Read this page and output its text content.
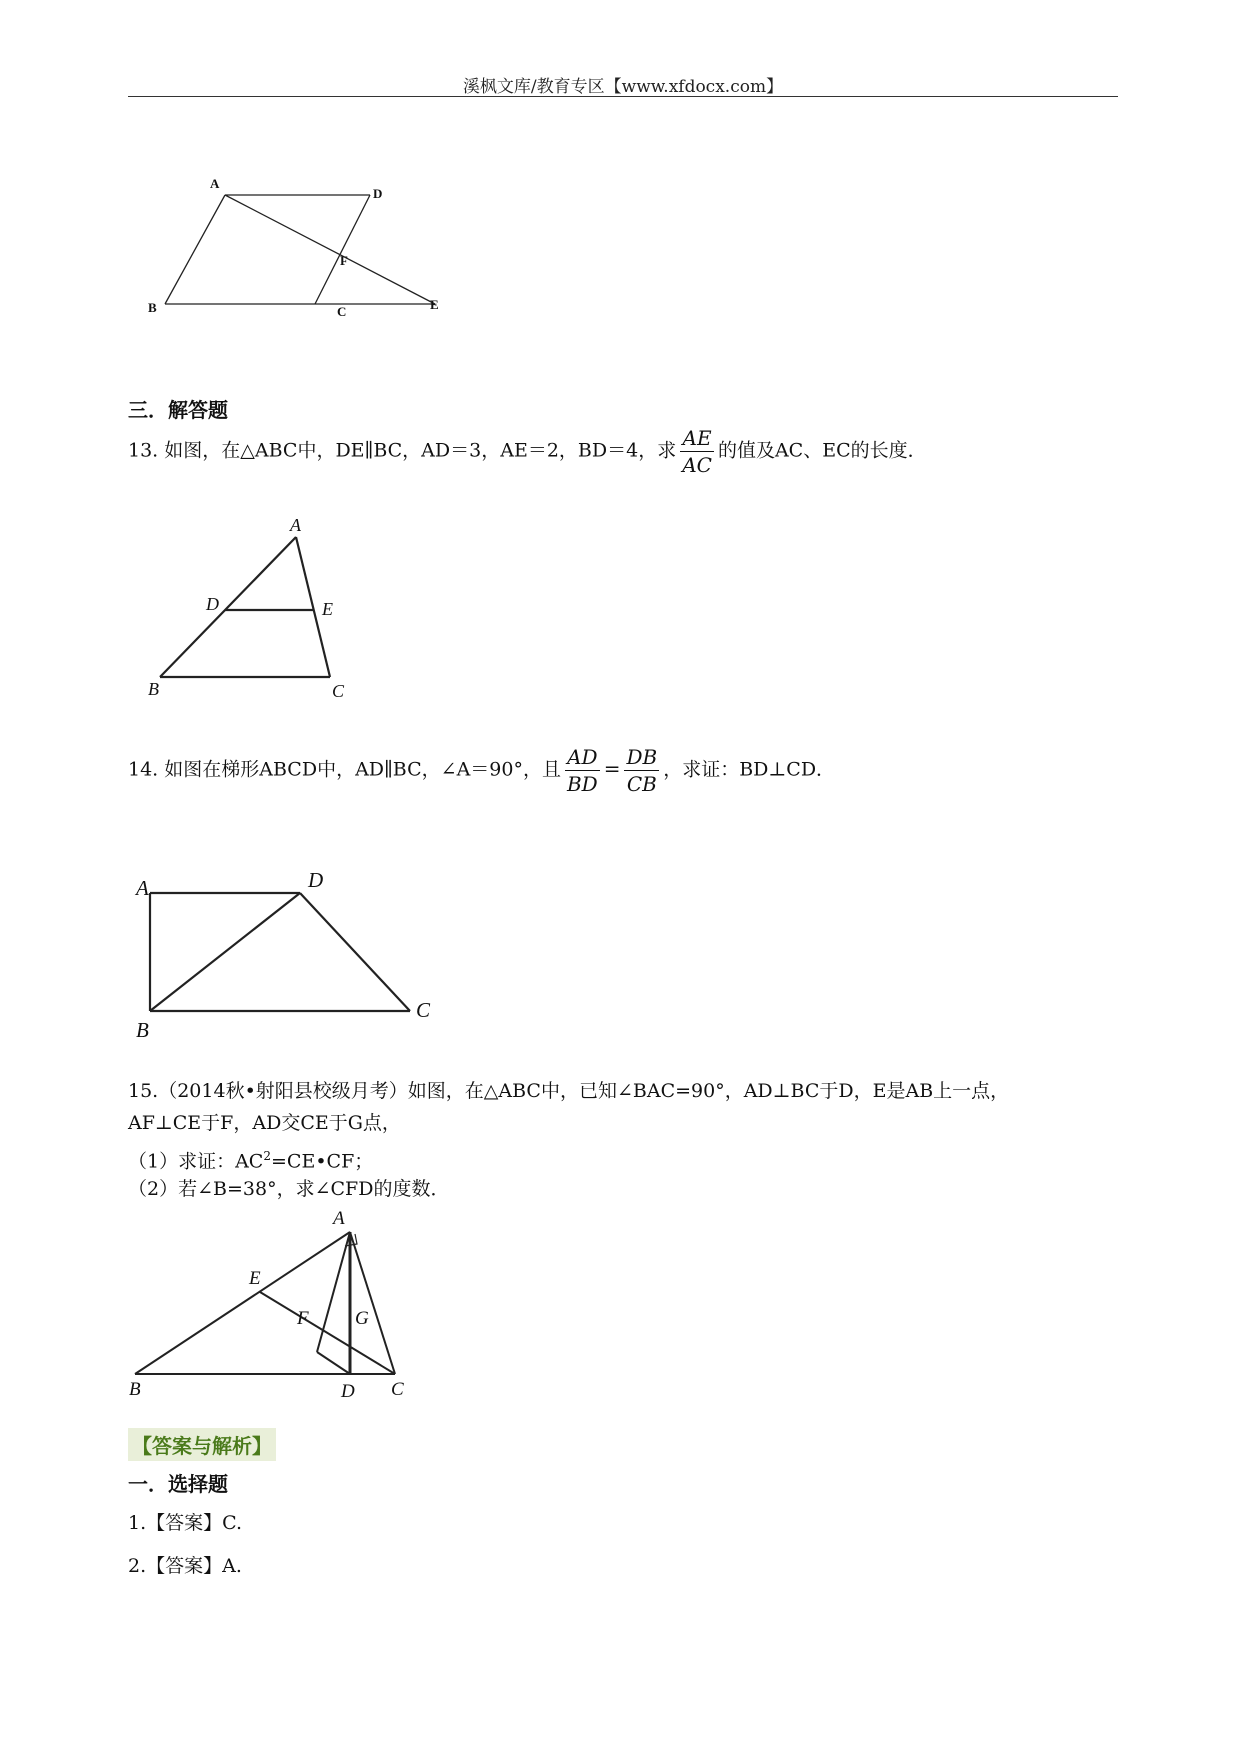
溪枫文库/教育专区【www.xfdocx.com】
A
D
F
B	C	E
三．解答题
13. 如图，在△ABC中，DE∥BC，AD＝3，AE＝2，BD＝4，求 $\frac{AE}{AC}$ 的值及AC、EC的长度．
A
D	E
B	C
14. 如图在梯形ABCD中，AD∥BC，∠A＝90°，且 $\frac{AD}{BD} = \frac{DB}{CB}$ ，求证：BD⊥CD．
A	D
B
C
15.（2014秋•射阳县校级月考）如图，在△ABC中，已知∠BAC=90°，AD⊥BC于D，E是AB上一点，
AF⊥CE于F，AD交CE于G点，
（1）求证：$AC^2=CE•CF$；
（2）若∠B=38°，求∠CFD的度数．
A
E
F G
B	D C
【答案与解析】
一．选择题
1.【答案】C.
2.【答案】A.
